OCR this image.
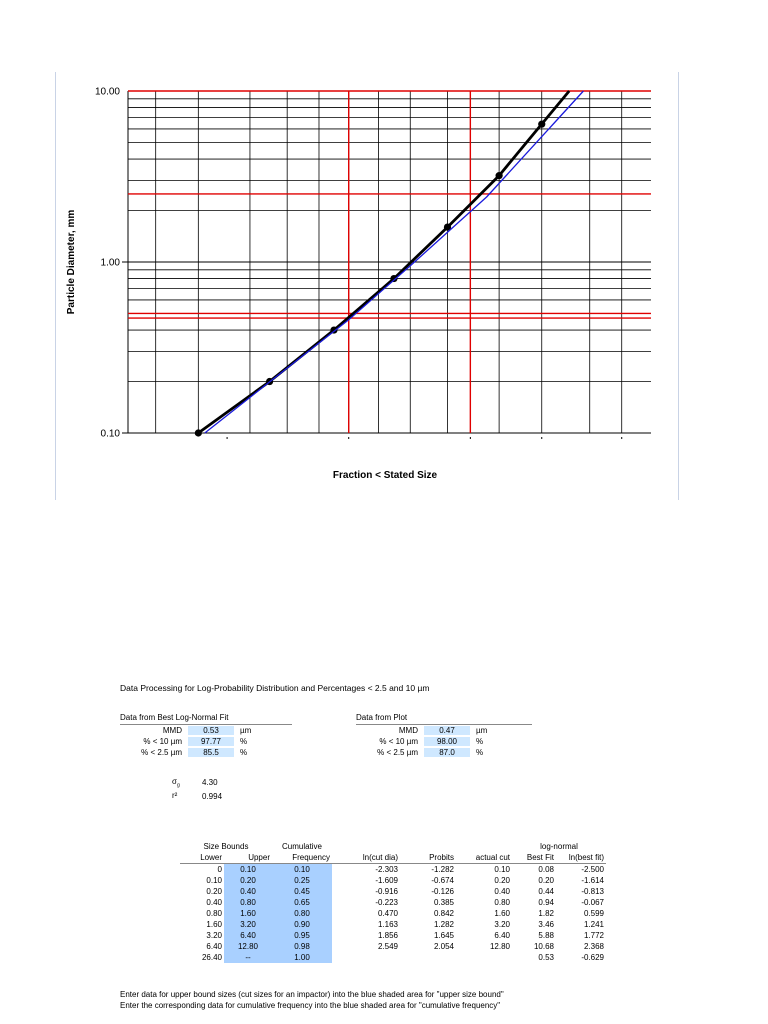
10.00
1.00
0.10
Particle Diameter, mm
Fraction < Stated Size
Data Processing for Log-Probability Distribution and Percentages < 2.5 and 10 µm
Data from Best Log-Normal Fit
MMD	0.53	µm
% < 10 µm 97.77 %
% < 2.5 µm	85.5	%
Data from Plot
MMD	0.47	µm
% < 10 µm 98.00 %
% < 2.5 µm	87.0	%
$\sigma_g$	4.30
r²	0.994
Size Bounds		Cumulative				log-normal	
Lower	Upper	Frequency	ln(cut dia)	Probits	actual cut	Best Fit	ln(best fit)
0	0.10	0.10	-2.303	-1.282	0.10	0.08	-2.500
0.10	0.20	0.25	-1.609	-0.674	0.20	0.20	-1.614
0.20	0.40	0.45	-0.916	-0.126	0.40	0.44	-0.813
0.40	0.80	0.65	-0.223	0.385	0.80	0.94	-0.067
0.80	1.60	0.80	0.470	0.842	1.60	1.82	0.599
1.60	3.20	0.90	1.163	1.282	3.20	3.46	1.241
3.20	6.40	0.95	1.856	1.645	6.40	5.88	1.772
6.40	12.80	0.98	2.549	2.054	12.80	10.68	2.368
26.40	--	1.00				0.53	-0.629
Enter data for upper bound sizes (cut sizes for an impactor) into the blue shaded area for "upper size bound"
Enter the corresponding data for cumulative frequency into the blue shaded area for "cumulative frequency"
